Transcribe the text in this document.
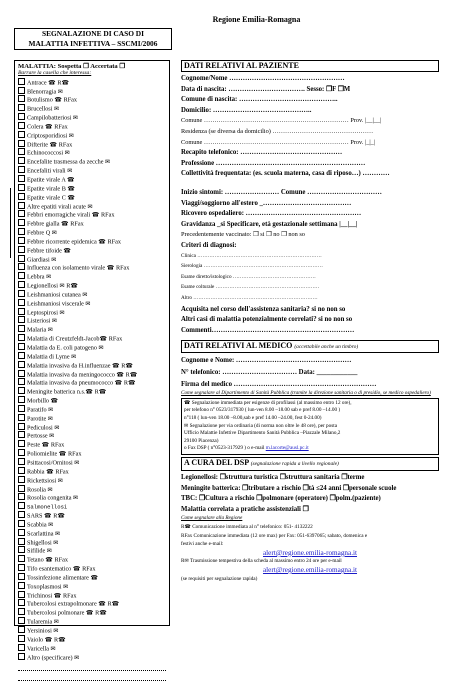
Regione Emilia-Romagna
SEGNALAZIONE DI CASO DI
MALATTIA INFETTIVA – SSCMI/2006
MALATTIA: Sospetta ❒ Accertata ❒
Barrare la casella che interessa:
Antrace ☎ R☎
Blenorragia ✉
Botulismo ☎ RFax
Brucellosi ✉
Campilobatteriosi ✉
Colera ☎ RFax
Criptosporidiosi ✉
Difterite ☎ RFax
Echinococcosi ✉
Encefalite trasmessa da zecche ✉
Encefaliti virali ✉
Epatite virale A ☎
Epatite virale B ☎
Epatite virale C ☎
Altre epatiti virali acute ✉
Febbri emorragiche virali ☎ RFax
Febbre gialla ☎ RFax
Febbre Q ✉
Febbre ricorrente epidemica ☎ RFax
Febbre tifoide ☎
Giardiasi ✉
Influenza con isolamento virale ☎ RFax
Lebbra ✉
Legionellosi ✉ R☎
Leishmaniosi cutanea ✉
Leishmaniosi viscerale ✉
Leptospirosi ✉
Listeriosi ✉
Malaria ✉
Malattia di Creutzfeldt-Jacob☎ RFax
Malattia da E. coli patogeno ✉
Malattia di Lyme ✉
Malattia invasiva da H.influenzae ☎ R☎
Malattia invasiva da meningococco ☎ R☎
Malattia invasiva da pneumococco ☎ R☎
Meningite batterica n.s.☎ R☎
Morbillo ☎
Paratifo ✉
Parotite ✉
Pediculosi ✉
Pertosse ✉
Peste ☎ RFax
Poliomielite ☎ RFax
Psittacosi/Ornitosi ✉
Rabbia ☎ RFax
Rickettsiosi ✉
Rosolia ✉
Rosolia congenita ✉
Salmonellosi
SARS ☎ R☎
Scabbia ✉
Scarlattina ✉
Shigellosi ✉
Sifilide ✉
Tetano ☎ RFax
Tifo esantematico ☎ RFax
Tossinfezione alimentare ☎
Toxoplasmosi ✉
Trichinosi ☎ RFax
Tubercolosi extrapolmonare ☎ R☎
Tubercolosi polmonare ☎ R☎
Tularemia ✉
Yersiniosi ✉
Vaiolo ☎ R☎
Varicella ✉
Altro (specificare) ✉
DATI RELATIVI AL PAZIENTE
Cognome/Nome ……………………………………………
Data di nascita: ……………………………. Sesso: ❒F ❒M
Comune di nascita: ……………………………………..
Domicilio: ……………………………………..
Comune …………………………………………………………… Prov. |__|__|
Residenza (se diversa da domicilio) …………………………………………
Comune …………………………………………………………… Prov. |_|_|
Recapito telefonico: ………………………………………
Professione …………………………………………………………
Collettività frequentata: (es. scuola materna, casa di riposo…) …………
Inizio sintomi: …………………… Comune ……………………………
Viaggi/soggiorno all'estero _…………………………………
Ricovero ospedaliero: ……………………………………………
Gravidanza _si Specificare, età gestazionale settimana |__|__|
Precedentemente vaccinato: ❒ si ❒ no ❒ non so
Criteri di diagnosi:
Clinica ………………………………………………………………
Sierologia ……………………………………………………………
Esame diretto/istologico …………………………………………
Esame colturale ……………………………………………………
Altro ………………………………………………………………
Acquisita nel corso dell'assistenza sanitaria? si no non so
Altri casi di malattia potenzialmente correlati? si no non so
Commenti………………………………………………………
DATI RELATIVI AL MEDICO (accettabile anche un timbro)
Cognome e Nome: ……………………………………………
N° telefonico: …………………………… Data: ____________
Firma del medico ………………………………………………………
Come segnalare al Dipartimento di Sanità Pubblica (tramite la direzione sanitaria o di presidio, se medico ospedaliero)
☎ Segnalazione immediata per esigenze di profilassi (al massimo entro 12 ore),
per telefono n° 0523/317930 ( lun-ven 8.00 –18.00 sab e pref 8.00 –14.00 )
n°118 ( lun-ven 18.00 –8.00,sab e pref 14.00 –24.00, fest 0-24.00)
✉ Segnalazione per via ordinaria (di norma non oltre le 48 ore), per posta
Ufficio Malattie Infettive Dipartimento Sanità Pubblica –Piazzale Milano,2
29100 Piacenza)
o Fax DSP ( n°0523-317929 ) o e-mail m.lacorte@ausl.pc.it
A CURA DEL DSP (segnalazione rapida a livello regionale)
Legionellosi: ❒struttura turistica ❒struttura sanitaria ❒terme
Meningite batterica: ❒tributare a rischio ❒tà ≤24 anni ❒personale scuole
TBC: ❒Cultura a rischio ❒polmonare (operatore) ❒polm.(paziente)
Malattia correlata a pratiche assistenziali ❒
Come segnalare alla Regione
R☎ Comunicazione immediata al n° telefonico: 051- 4132222
RFax Comunicazione immediata (12 ore max) per Fax: 051-6397065; sabato, domenica e
festivi anche e-mail:
alert@regione.emilia-romagna.it
R✉ Trasmissione tempestiva della scheda al massimo entro 24 ore per e-mail
alert@regione.emilia-romagna.it
(se requisiti per segnalazione rapida)
